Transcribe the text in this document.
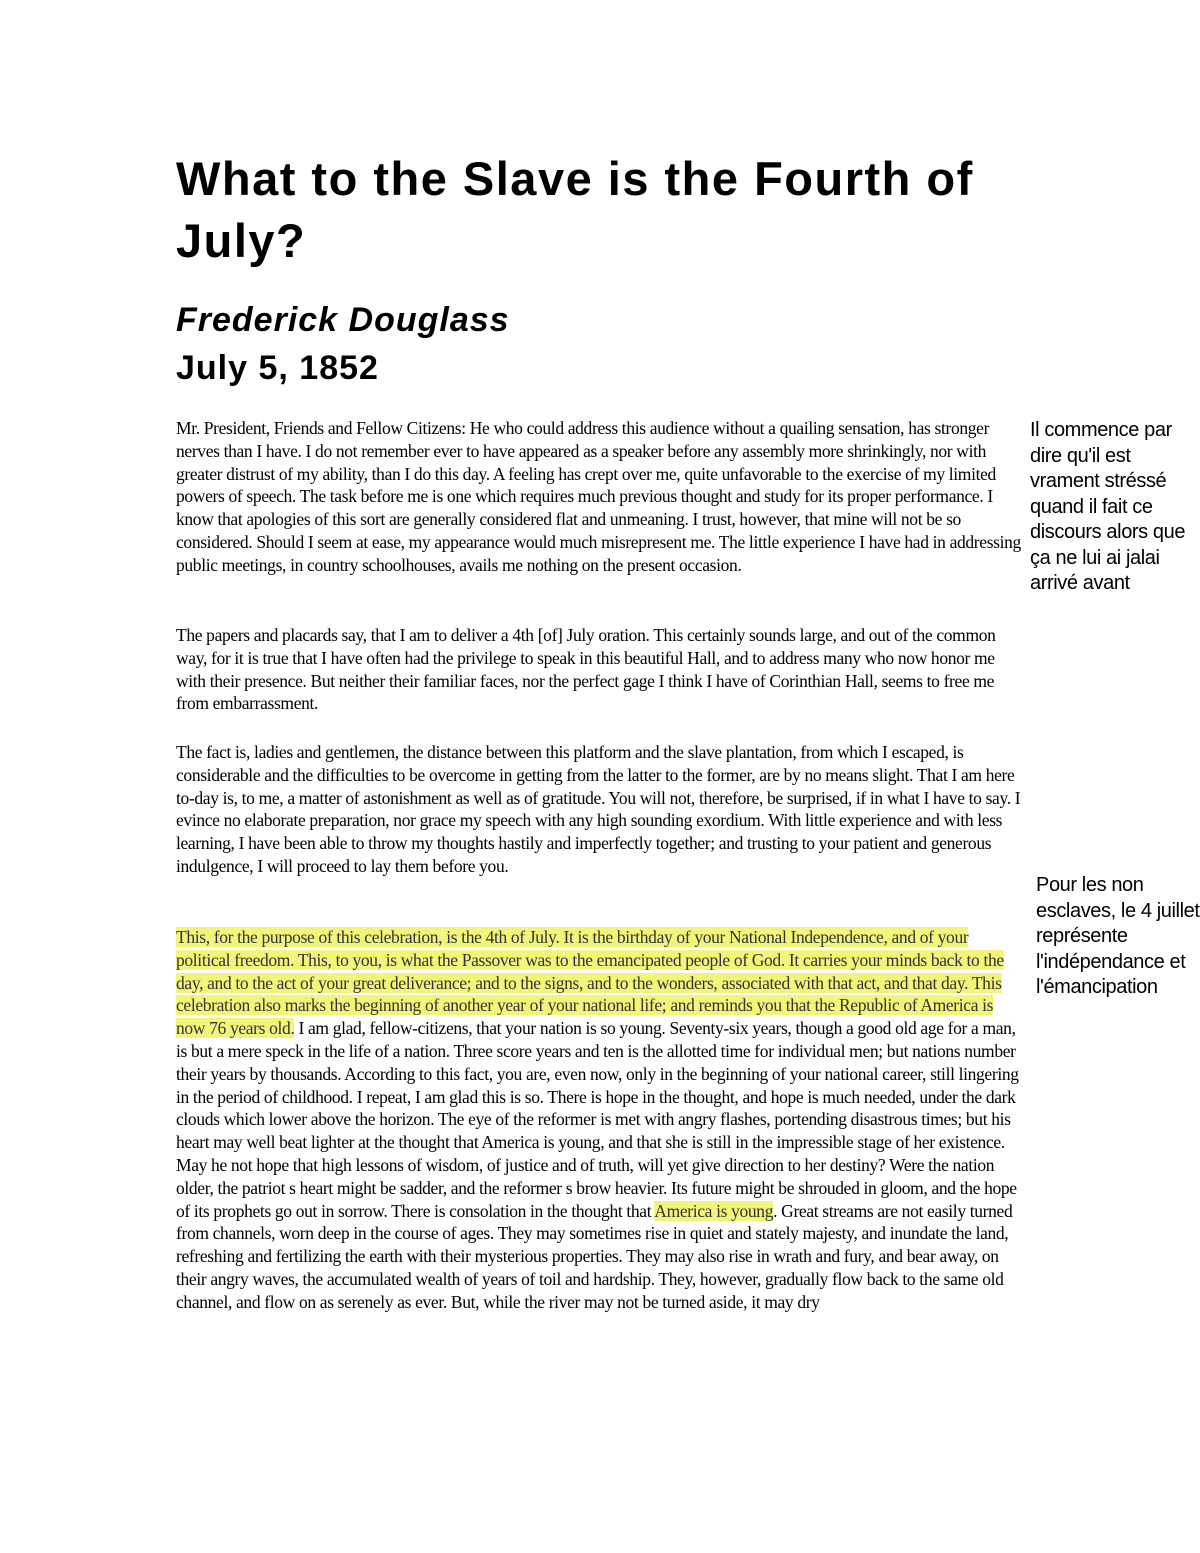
What to the Slave is the Fourth of July?
Frederick Douglass
July 5, 1852

Mr. President, Friends and Fellow Citizens: He who could address this audience without a quailing sensation, has stronger nerves than I have. I do not remember ever to have appeared as a speaker before any assembly more shrinkingly, nor with greater distrust of my ability, than I do this day. A feeling has crept over me, quite unfavorable to the exercise of my limited powers of speech. The task before me is one which requires much previous thought and study for its proper performance. I know that apologies of this sort are generally considered flat and unmeaning. I trust, however, that mine will not be so considered. Should I seem at ease, my appearance would much misrepresent me. The little experience I have had in addressing public meetings, in country schoolhouses, avails me nothing on the present occasion.

The papers and placards say, that I am to deliver a 4th [of] July oration. This certainly sounds large, and out of the common way, for it is true that I have often had the privilege to speak in this beautiful Hall, and to address many who now honor me with their presence. But neither their familiar faces, nor the perfect gage I think I have of Corinthian Hall, seems to free me from embarrassment.

The fact is, ladies and gentlemen, the distance between this platform and the slave plantation, from which I escaped, is considerable and the difficulties to be overcome in getting from the latter to the former, are by no means slight. That I am here to-day is, to me, a matter of astonishment as well as of gratitude. You will not, therefore, be surprised, if in what I have to say. I evince no elaborate preparation, nor grace my speech with any high sounding exordium. With little experience and with less learning, I have been able to throw my thoughts hastily and imperfectly together; and trusting to your patient and generous indulgence, I will proceed to lay them before you.

This, for the purpose of this celebration, is the 4th of July. It is the birthday of your National Independence, and of your political freedom. This, to you, is what the Passover was to the emancipated people of God. It carries your minds back to the day, and to the act of your great deliverance; and to the signs, and to the wonders, associated with that act, and that day. This celebration also marks the beginning of another year of your national life; and reminds you that the Republic of America is now 76 years old. I am glad, fellow-citizens, that your nation is so young. Seventy-six years, though a good old age for a man, is but a mere speck in the life of a nation. Three score years and ten is the allotted time for individual men; but nations number their years by thousands. According to this fact, you are, even now, only in the beginning of your national career, still lingering in the period of childhood. I repeat, I am glad this is so. There is hope in the thought, and hope is much needed, under the dark clouds which lower above the horizon. The eye of the reformer is met with angry flashes, portending disastrous times; but his heart may well beat lighter at the thought that America is young, and that she is still in the impressible stage of her existence. May he not hope that high lessons of wisdom, of justice and of truth, will yet give direction to her destiny? Were the nation older, the patriot s heart might be sadder, and the reformer s brow heavier. Its future might be shrouded in gloom, and the hope of its prophets go out in sorrow. There is consolation in the thought that America is young. Great streams are not easily turned from channels, worn deep in the course of ages. They may sometimes rise in quiet and stately majesty, and inundate the land, refreshing and fertilizing the earth with their mysterious properties. They may also rise in wrath and fury, and bear away, on their angry waves, the accumulated wealth of years of toil and hardship. They, however, gradually flow back to the same old channel, and flow on as serenely as ever. But, while the river may not be turned aside, it may dry

Il commence par dire qu'il est vrament stréssé quand il fait ce discours alors que ça ne lui ai jalai arrivé avant

Pour les non esclaves, le 4 juillet représente l'indépendance et l'émancipation
